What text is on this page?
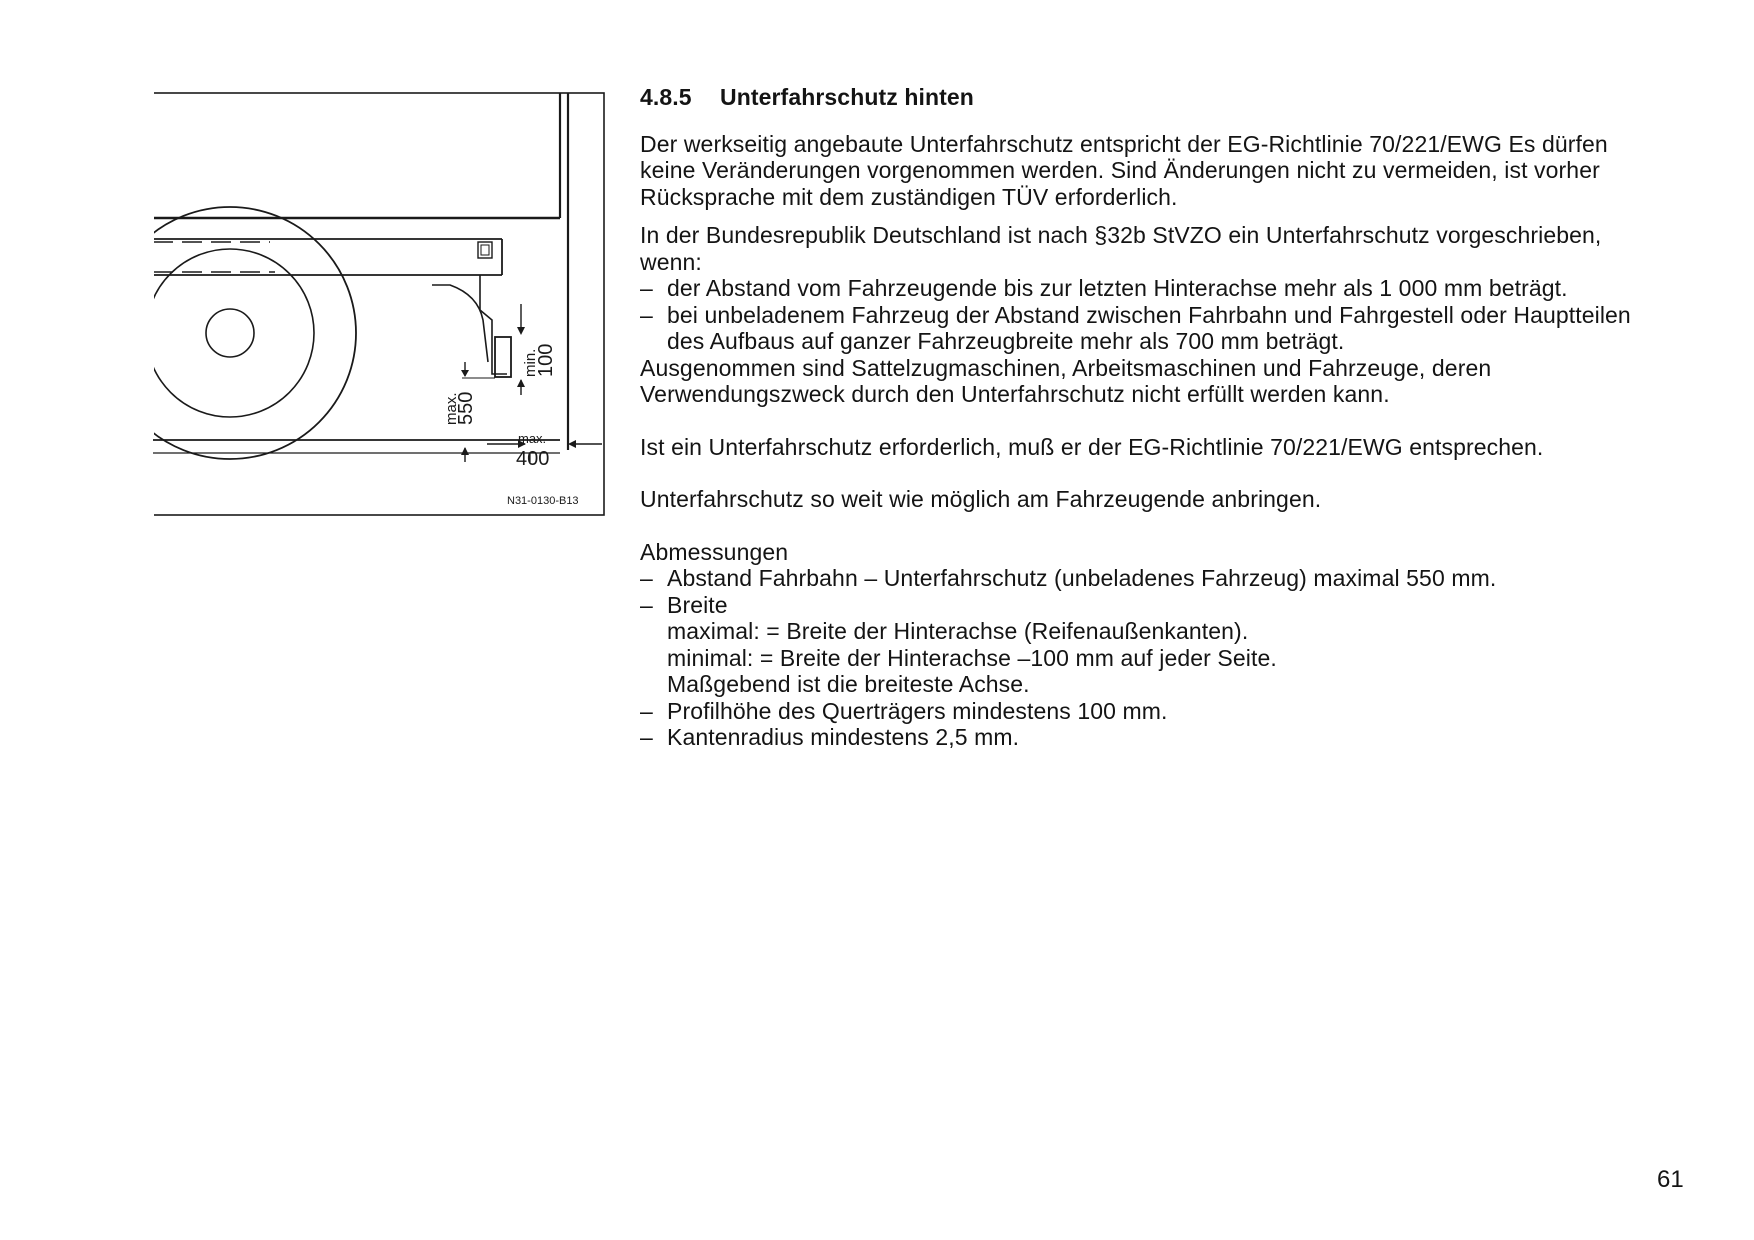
max.
550
min.
100
max.
400
N31-0130-B13
4.8.5 Unterfahrschutz hinten

Der werkseitig angebaute Unterfahrschutz entspricht der EG-Richtlinie 70/221/EWG Es dürfen keine Veränderungen vorgenommen werden. Sind Änderungen nicht zu vermeiden, ist vorher Rücksprache mit dem zuständigen TÜV erforderlich.

In der Bundesrepublik Deutschland ist nach §32b StVZO ein Unterfahrschutz vorgeschrieben, wenn:

– der Abstand vom Fahrzeugende bis zur letzten Hinterachse mehr als 1 000 mm beträgt.
– bei unbeladenem Fahrzeug der Abstand zwischen Fahrbahn und Fahrgestell oder Hauptteilen des Aufbaus auf ganzer Fahrzeugbreite mehr als 700 mm beträgt.

Ausgenommen sind Sattelzugmaschinen, Arbeitsmaschinen und Fahrzeuge, deren Verwendungszweck durch den Unterfahrschutz nicht erfüllt werden kann.

Ist ein Unterfahrschutz erforderlich, muß er der EG-Richtlinie 70/221/EWG entsprechen.

Unterfahrschutz so weit wie möglich am Fahrzeugende anbringen.

Abmessungen

– Abstand Fahrbahn – Unterfahrschutz (unbeladenes Fahrzeug) maximal 550 mm.
– Breite
maximal: = Breite der Hinterachse (Reifenaußenkanten).
minimal: = Breite der Hinterachse –100 mm auf jeder Seite.
Maßgebend ist die breiteste Achse.
– Profilhöhe des Querträgers mindestens 100 mm.
– Kantenradius mindestens 2,5 mm.
61
